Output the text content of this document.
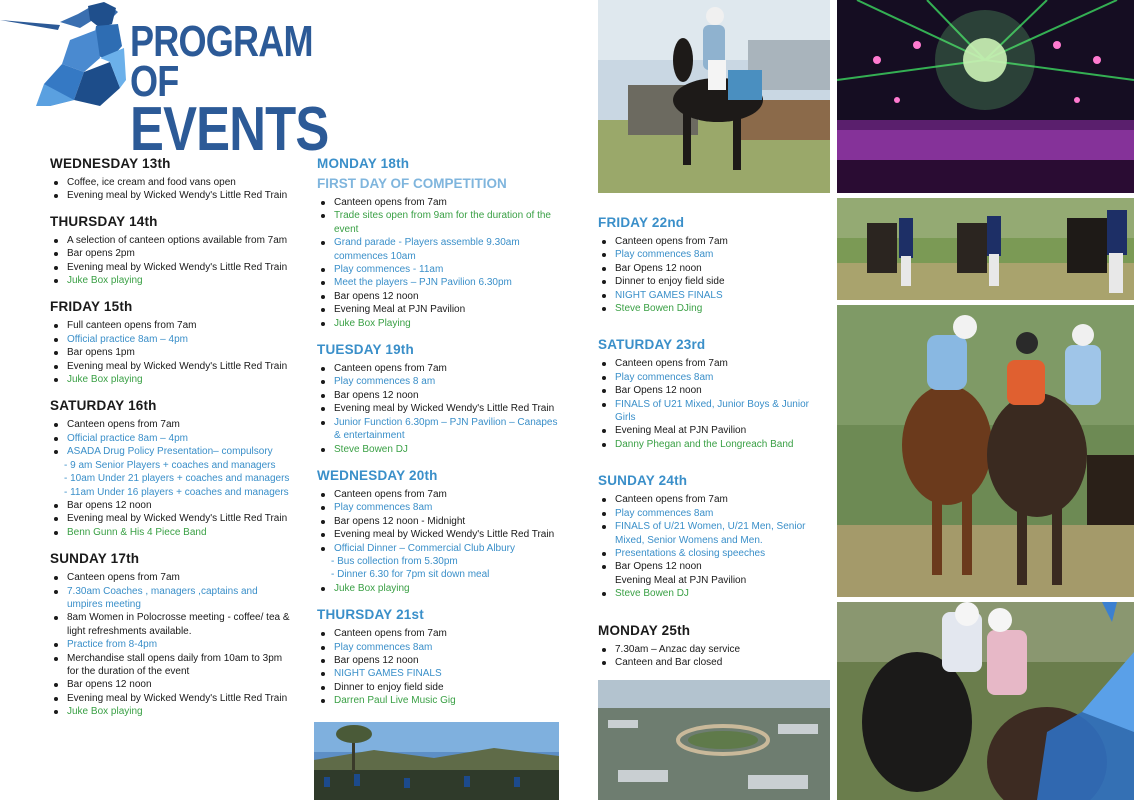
PROGRAM OF
EVENTS
WEDNESDAY 13th
Coffee, ice cream and food vans open
Evening meal by Wicked Wendy's Little Red Train
THURSDAY 14th
A selection of canteen options available from 7am
Bar opens 2pm
Evening meal by Wicked Wendy's Little Red Train
Juke Box playing
FRIDAY 15th
Full canteen opens from 7am
Official practice 8am – 4pm
Bar opens 1pm
Evening meal by Wicked Wendy's Little Red Train
Juke Box playing
SATURDAY 16th
Canteen opens from 7am
Official practice 8am – 4pm
ASADA Drug Policy Presentation– compulsory
- 9 am Senior Players + coaches and managers
- 10am Under 21 players + coaches and managers
- 11am Under 16 players + coaches and managers
Bar opens 12 noon
Evening meal by Wicked Wendy's Little Red Train
Benn Gunn & His 4 Piece Band
SUNDAY 17th
Canteen opens from 7am
7.30am Coaches , managers ,captains and umpires meeting
8am Women in Polocrosse meeting - coffee/ tea & light refreshments available.
Practice from 8-4pm
Merchandise stall opens daily from 10am to 3pm for the duration of the event
Bar opens 12 noon
Evening meal by Wicked Wendy's Little Red Train
Juke Box playing
MONDAY 18th
FIRST DAY OF COMPETITION
Canteen opens from 7am
Trade sites open from 9am for the duration of the event
Grand parade - Players assemble 9.30am commences 10am
Play commences - 11am
Meet the players – PJN Pavilion 6.30pm
Bar opens 12 noon
Evening Meal at PJN Pavilion
Juke Box Playing
TUESDAY 19th
Canteen opens from 7am
Play commences 8 am
Bar opens 12 noon
Evening meal by Wicked Wendy's Little Red Train
Junior Function 6.30pm – PJN Pavilion – Canapes & entertainment
Steve Bowen DJ
WEDNESDAY 20th
Canteen opens from 7am
Play commences 8am
Bar opens 12 noon - Midnight
Evening meal by Wicked Wendy's Little Red Train
Official Dinner – Commercial Club Albury
- Bus collection from 5.30pm
- Dinner 6.30 for 7pm sit down meal
Juke Box playing
THURSDAY 21st
Canteen opens from 7am
Play commences 8am
Bar opens 12 noon
NIGHT GAMES FINALS
Dinner to enjoy field side
Darren Paul Live Music Gig
FRIDAY 22nd
Canteen opens from 7am
Play commences 8am
Bar Opens 12 noon
Dinner to enjoy field side
NIGHT GAMES FINALS
Steve Bowen DJing
SATURDAY 23rd
Canteen opens from 7am
Play commences 8am
Bar Opens 12 noon
FINALS of U21 Mixed, Junior Boys & Junior Girls
Evening Meal at PJN Pavilion
Danny Phegan and the Longreach Band
SUNDAY 24th
Canteen opens from 7am
Play commences 8am
FINALS of U/21 Women, U/21 Men, Senior Mixed, Senior Womens and Men.
Presentations & closing speeches
Bar Opens 12 noon
Evening Meal at PJN Pavilion
Steve Bowen DJ
MONDAY 25th
7.30am – Anzac day service
Canteen and Bar closed
